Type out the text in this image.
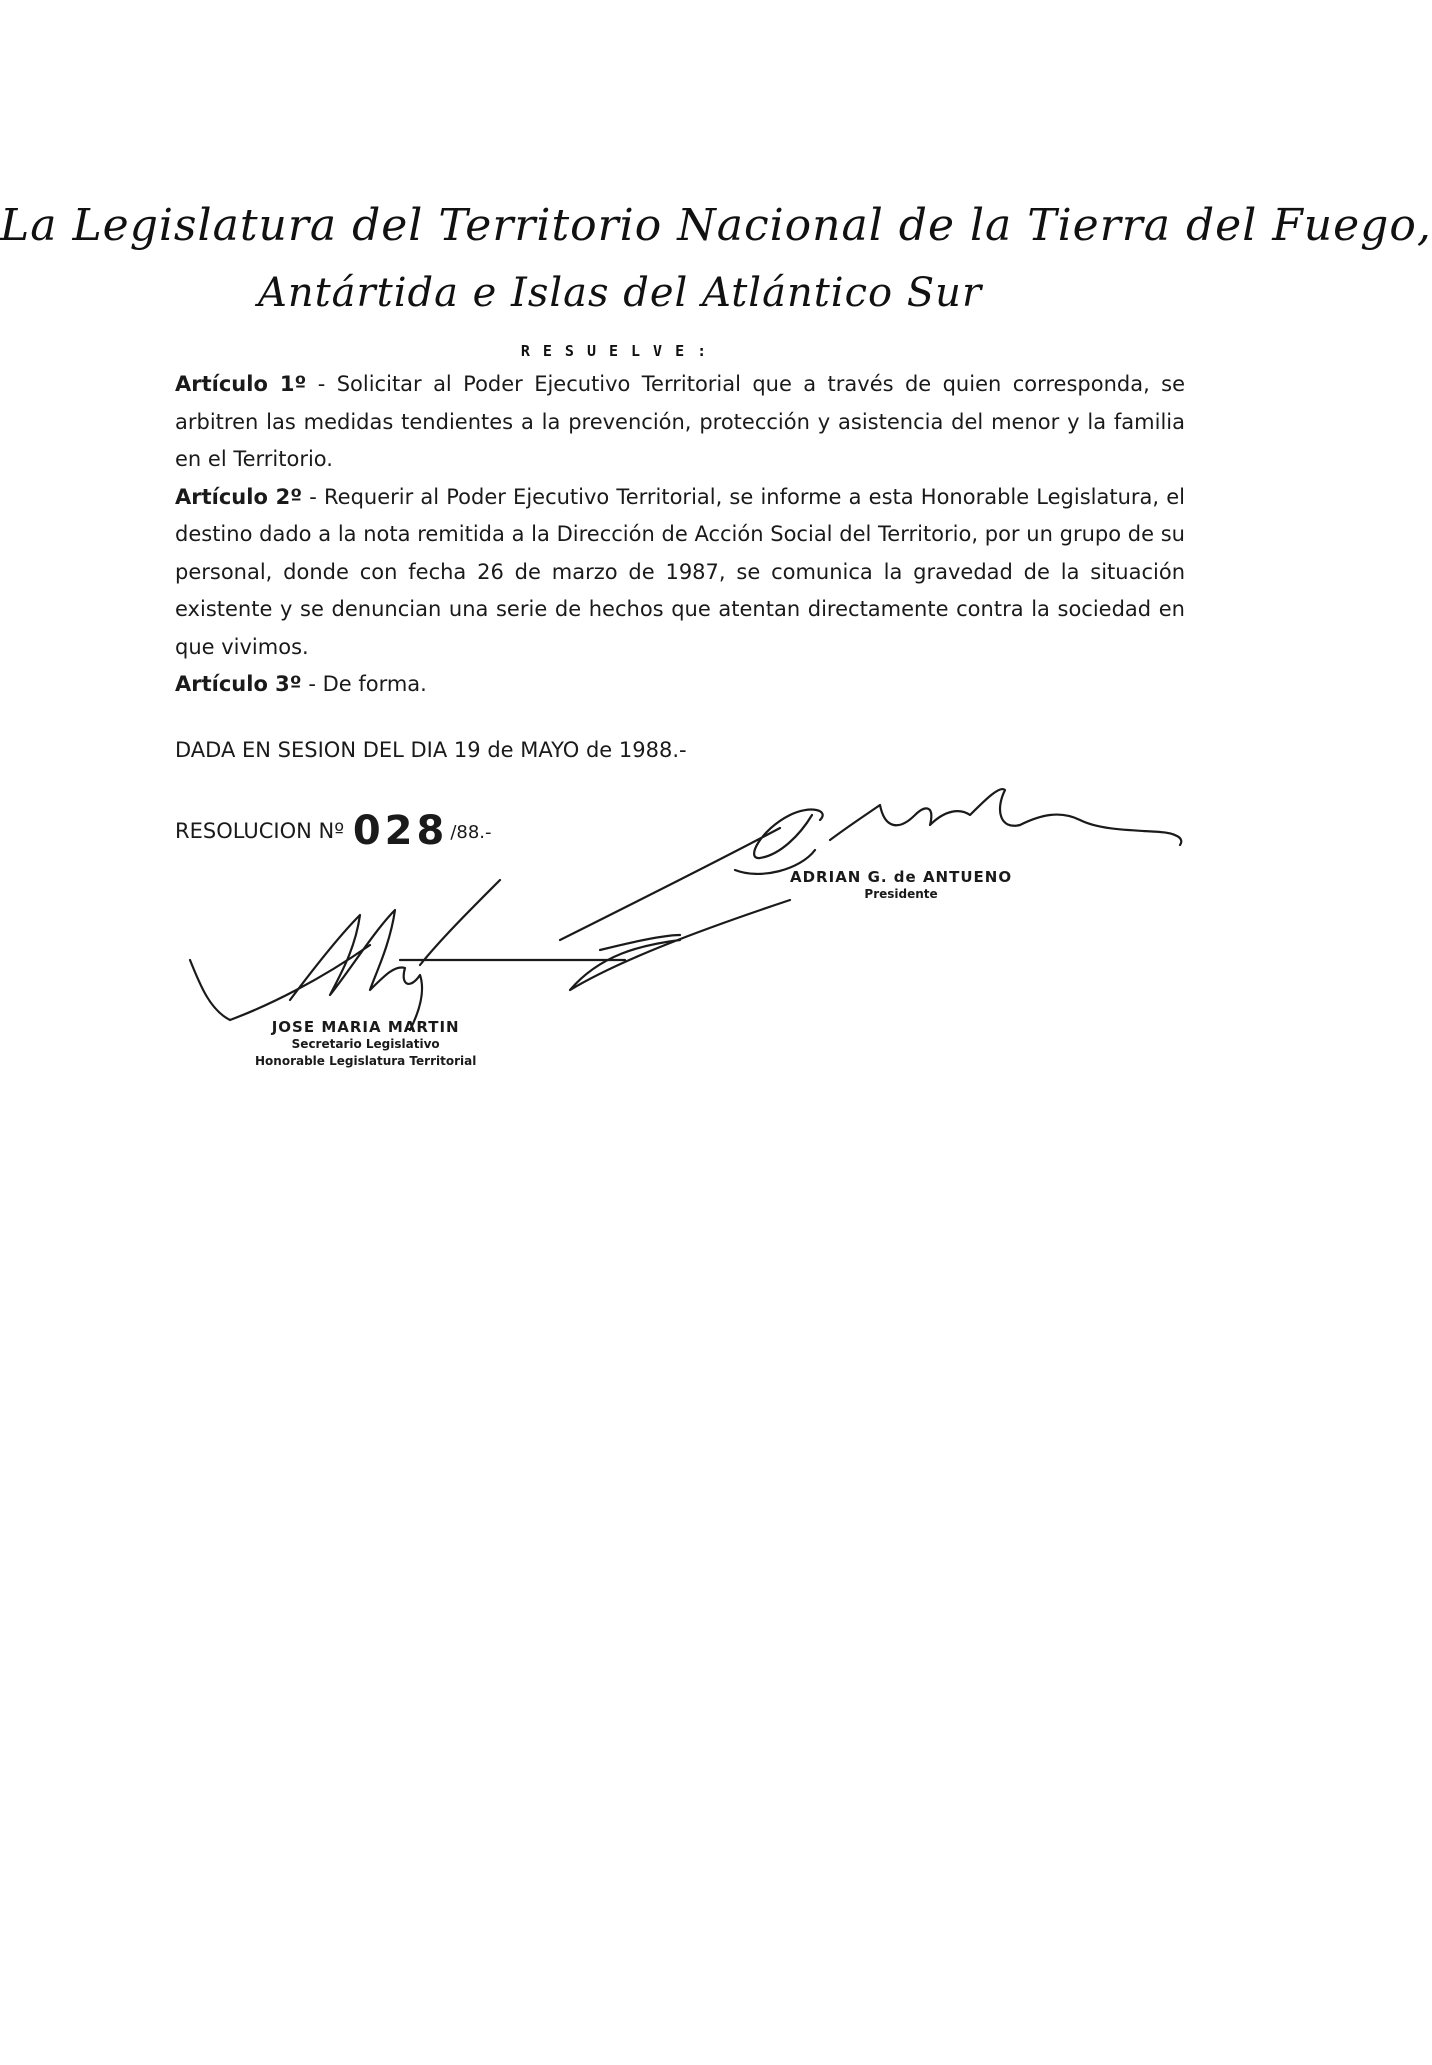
La Legislatura del Territorio Nacional de la Tierra del Fuego,
Antártida e Islas del Atlántico Sur
RESUELVE:

Artículo 1º - Solicitar al Poder Ejecutivo Territorial que a través de quien corresponda, se arbitren las medidas tendientes a la prevención, protección y asistencia del menor y la familia en el Territorio.

Artículo 2º - Requerir al Poder Ejecutivo Territorial, se informe a esta Honorable Legislatura, el destino dado a la nota remitida a la Dirección de Acción Social del Territorio, por un grupo de su personal, donde con fecha 26 de marzo de 1987, se comunica la gravedad de la situación existente y se denuncian una serie de hechos que atentan directamente contra la sociedad en que vivimos.

Artículo 3º - De forma.

DADA EN SESION DEL DIA 19 de MAYO de 1988.-
RESOLUCION Nº 028 /88.-
ADRIAN G. de ANTUENO
Presidente
JOSE MARIA MARTIN
Secretario Legislativo
Honorable Legislatura Territorial
